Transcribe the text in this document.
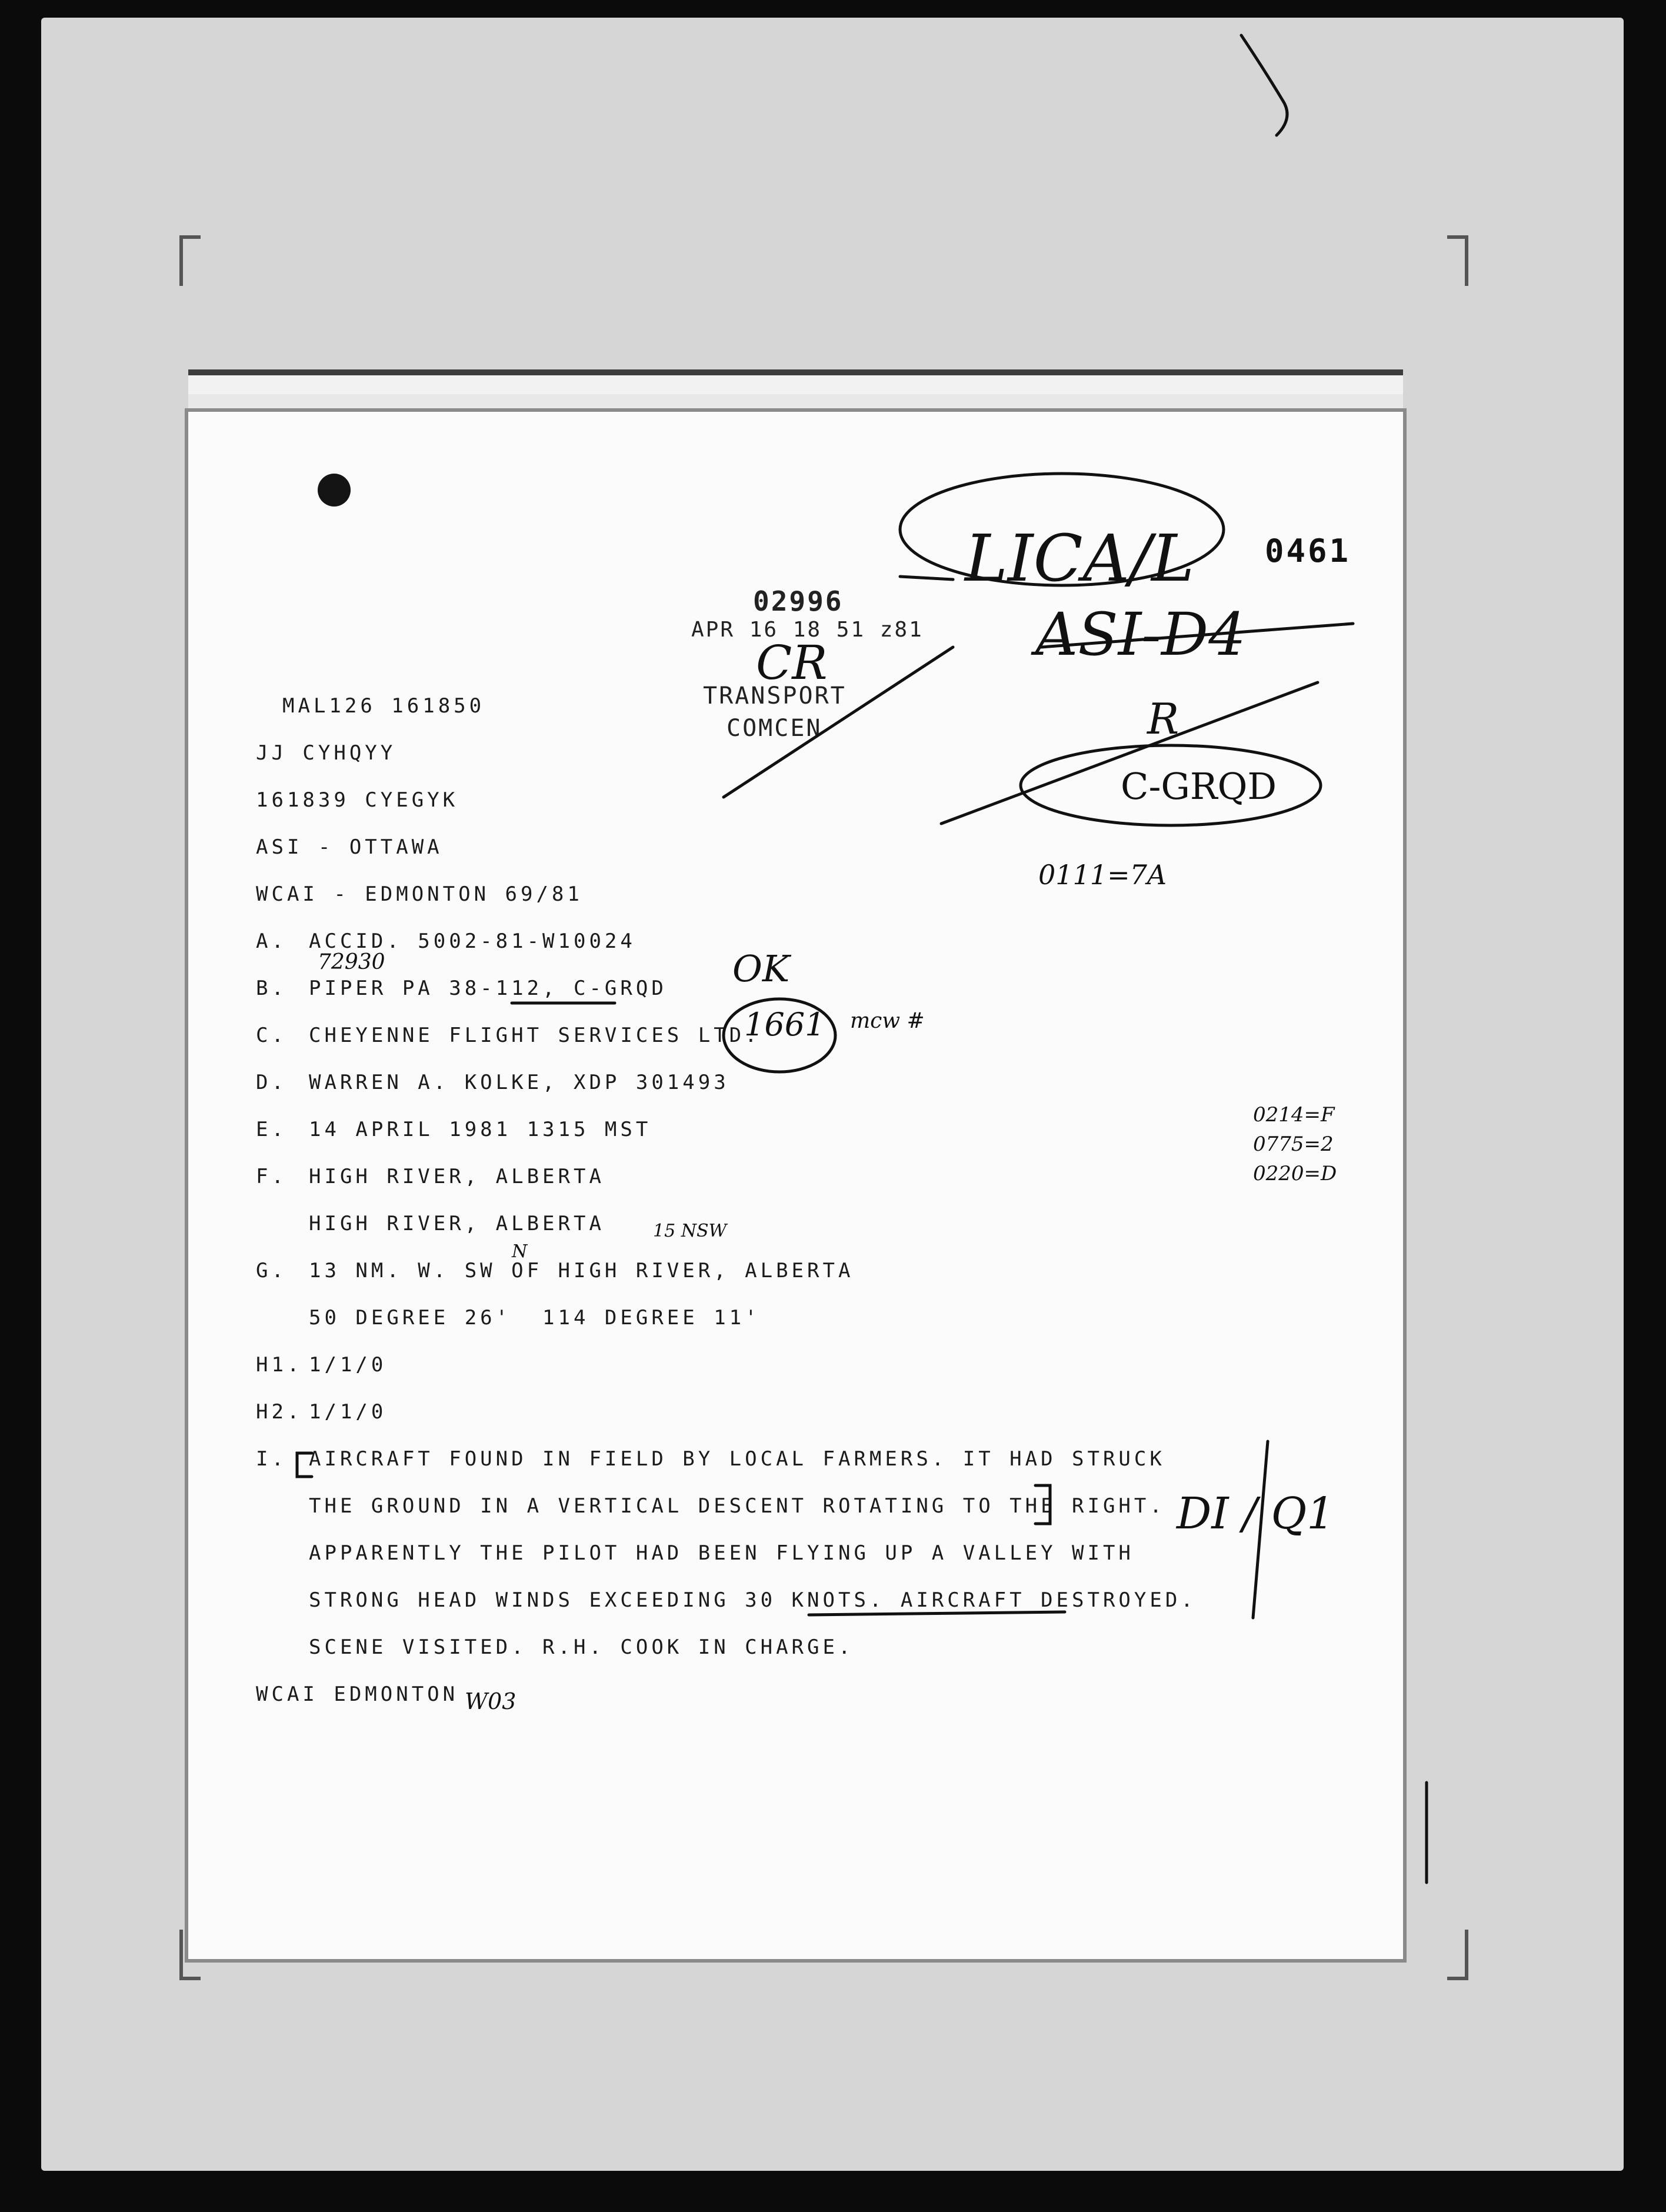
0461
02996
APR 16 18 51 z81
TRANSPORT
COMCEN
MAL126 161850
JJ CYHQYY
161839 CYEGYK
ASI - OTTAWA
WCAI - EDMONTON 69/81
A. ACCID. 5002-81-W10024
B. PIPER PA 38-112, C-GRQD
C. CHEYENNE FLIGHT SERVICES LTD.
D. WARREN A. KOLKE, XDP 301493
E. 14 APRIL 1981 1315 MST
F. HIGH RIVER, ALBERTA
HIGH RIVER, ALBERTA
G. 13 NM. W. SW OF HIGH RIVER, ALBERTA
50 DEGREE 26'  114 DEGREE 11'
H1. 1/1/0
H2. 1/1/0
I. AIRCRAFT FOUND IN FIELD BY LOCAL FARMERS. IT HAD STRUCK
THE GROUND IN A VERTICAL DESCENT ROTATING TO THE RIGHT.
APPARENTLY THE PILOT HAD BEEN FLYING UP A VALLEY WITH
STRONG HEAD WINDS EXCEEDING 30 KNOTS. AIRCRAFT DESTROYED.
SCENE VISITED. R.H. COOK IN CHARGE.
WCAI EDMONTON
LICA/L
ASI-D4
R
C-GRQD
0111=7A
OK
1661 mcw #
0214=F
0775=2
0220=D
72930
15 NSW
N
DI / Q1
W03
CR
